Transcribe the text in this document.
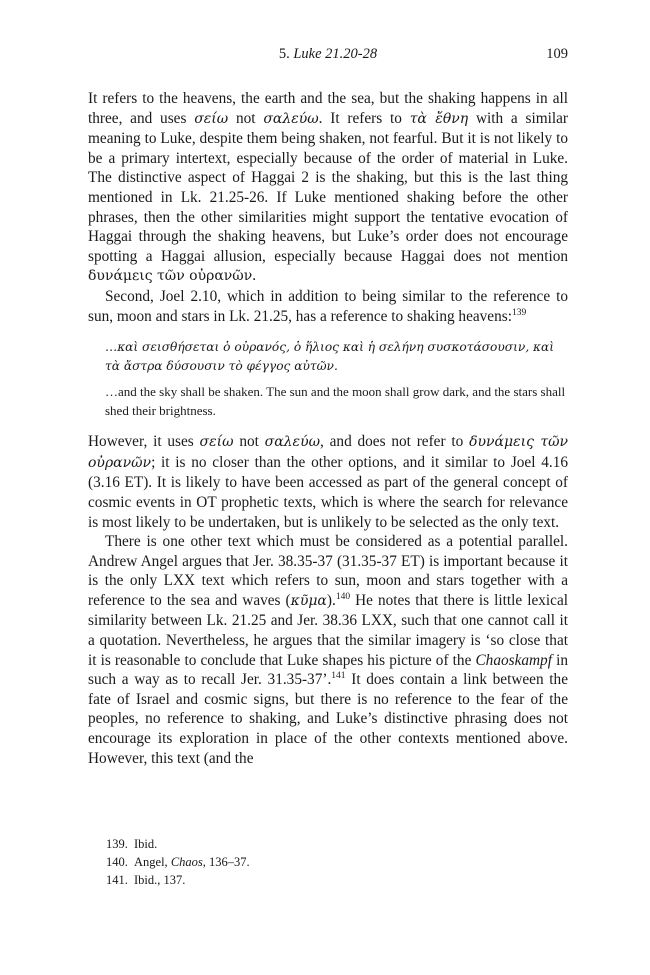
5. Luke 21.20-28	109

It refers to the heavens, the earth and the sea, but the shaking happens in all three, and uses σείω not σαλεύω. It refers to τὰ ἔθνη with a similar meaning to Luke, despite them being shaken, not fearful. But it is not likely to be a primary intertext, especially because of the order of material in Luke. The distinctive aspect of Haggai 2 is the shaking, but this is the last thing mentioned in Lk. 21.25-26. If Luke mentioned shaking before the other phrases, then the other similarities might support the tentative evocation of Haggai through the shaking heavens, but Luke’s order does not encourage spotting a Haggai allusion, especially because Haggai does not mention δυνάμεις τῶν οὐρανῶν.

Second, Joel 2.10, which in addition to being similar to the reference to sun, moon and stars in Lk. 21.25, has a reference to shaking heavens:$^{139}$

…καὶ σεισθήσεται ὁ οὐρανός, ὁ ἥλιος καὶ ἡ σελήνη συσκοτάσουσιν, καὶ τὰ ἄστρα δύσουσιν τὸ φέγγος αὐτῶν.
…and the sky shall be shaken. The sun and the moon shall grow dark, and the stars shall shed their brightness.

However, it uses σείω not σαλεύω, and does not refer to δυνάμεις τῶν οὐρανῶν; it is no closer than the other options, and it similar to Joel 4.16 (3.16 ET). It is likely to have been accessed as part of the general concept of cosmic events in OT prophetic texts, which is where the search for relevance is most likely to be undertaken, but is unlikely to be selected as the only text.

There is one other text which must be considered as a potential parallel. Andrew Angel argues that Jer. 38.35-37 (31.35-37 ET) is important because it is the only LXX text which refers to sun, moon and stars together with a reference to the sea and waves (κῦμα).$^{140}$ He notes that there is little lexical similarity between Lk. 21.25 and Jer. 38.36 LXX, such that one cannot call it a quotation. Nevertheless, he argues that the similar imagery is ‘so close that it is reasonable to conclude that Luke shapes his picture of the Chaoskampf in such a way as to recall Jer. 31.35-37’.$^{141}$ It does contain a link between the fate of Israel and cosmic signs, but there is no reference to the fear of the peoples, no reference to shaking, and Luke’s distinctive phrasing does not encourage its exploration in place of the other contexts mentioned above. However, this text (and the

139. Ibid.
140. Angel, Chaos, 136–37.
141. Ibid., 137.
